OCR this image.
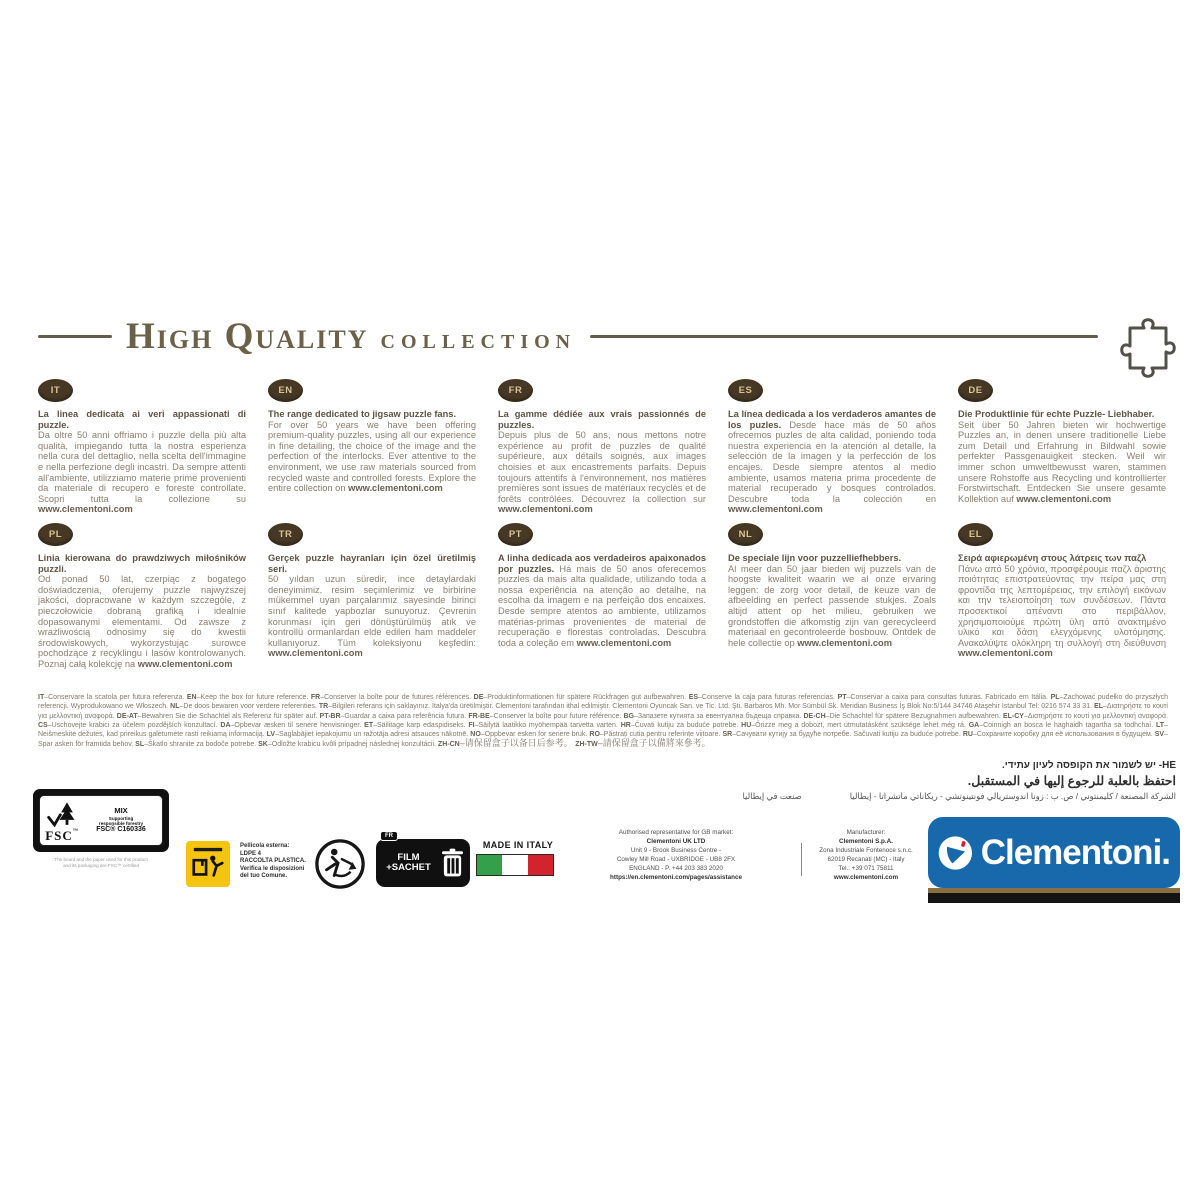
High Quality collection
IT

La linea dedicata ai veri appassionati di puzzle.
Da oltre 50 anni offriamo i puzzle della più alta qualità, impiegando tutta la nostra esperienza nella cura del dettaglio, nella scelta dell'immagine e nella perfezione degli incastri. Da sempre attenti all'ambiente, utilizziamo materie prime provenienti da materiale di recupero e foreste controllate. Scopri tutta la collezione su www.clementoni.com

EN

The range dedicated to jigsaw puzzle fans.
For over 50 years we have been offering premium-quality puzzles, using all our experience in fine detailing, the choice of the image and the perfection of the interlocks. Ever attentive to the environment, we use raw materials sourced from recycled waste and controlled forests. Explore the entire collection on www.clementoni.com

FR

La gamme dédiée aux vrais passionnés de puzzles.
Depuis plus de 50 ans, nous mettons notre expérience au profit de puzzles de qualité supérieure, aux détails soignés, aux images choisies et aux encastrements parfaits. Depuis toujours attentifs à l'environnement, nos matières premières sont issues de matériaux recyclés et de forêts contrôlées. Découvrez la collection sur www.clementoni.com

ES

La línea dedicada a los verdaderos amantes de los puzles. Desde hace más de 50 años ofrecemos puzles de alta calidad, poniendo toda nuestra experiencia en la atención al detalle, la selección de la imagen y la perfección de los encajes. Desde siempre atentos al medio ambiente, usamos materia prima procedente de material recuperado y bosques controlados. Descubre toda la colección en www.clementoni.com

DE

Die Produktlinie für echte Puzzle- Liebhaber.
Seit über 50 Jahren bieten wir hochwertige Puzzles an, in denen unsere traditionelle Liebe zum Detail und Erfahrung in Bildwahl sowie perfekter Passgenauigkeit stecken. Weil wir immer schon umweltbewusst waren, stammen unsere Rohstoffe aus Recycling und kontrollierter Forstwirtschaft. Entdecken Sie unsere gesamte Kollektion auf www.clementoni.com

PL

Linia kierowana do prawdziwych miłośników puzzli.
Od ponad 50 lat, czerpiąc z bogatego doświadczenia, oferujemy puzzle najwyższej jakości, dopracowane w każdym szczególe, z pieczołowicie dobraną grafiką i idealnie dopasowanymi elementami. Od zawsze z wrażliwością odnosimy się do kwestii środowiskowych, wykorzystując surowce pochodzące z recyklingu i lasów kontrolowanych. Poznaj całą kolekcję na www.clementoni.com

TR

Gerçek puzzle hayranları için özel üretilmiş seri.
50 yıldan uzun süredir, ince detaylardaki deneyimimiz, resim seçimlerimiz ve birbirine mükemmel uyan parçalarımız sayesinde birinci sınıf kalitede yapbozlar sunuyoruz. Çevrenin korunması için geri dönüştürülmüş atık ve kontrollü ormanlardan elde edilen ham maddeler kullanıyoruz. Tüm koleksiyonu keşfedin: www.clementoni.com

PT

A linha dedicada aos verdadeiros apaixonados por puzzles. Há mais de 50 anos oferecemos puzzles da mais alta qualidade, utilizando toda a nossa experiência na atenção ao detalhe, na escolha da imagem e na perfeição dos encaixes. Desde sempre atentos ao ambiente, utilizamos matérias-primas provenientes de material de recuperação e florestas controladas. Descubra toda a coleção em www.clementoni.com

NL

De speciale lijn voor puzzelliefhebbers.
Al meer dan 50 jaar bieden wij puzzels van de hoogste kwaliteit waarin we al onze ervaring leggen: de zorg voor detail, de keuze van de afbeelding en perfect passende stukjes. Zoals altijd attent op het milieu, gebruiken we grondstoffen die afkomstig zijn van gerecycleerd materiaal en gecontroleerde bosbouw. Ontdek de hele collectie op www.clementoni.com

EL

Σειρά αφιερωμένη στους λάτρεις των παζλ
Πάνω από 50 χρόνια, προσφέρουμε παζλ άριστης ποιότητας επιστρατεύοντας την πείρα μας στη φροντίδα της λεπτομέρειας, την επιλογή εικόνων και την τελειοποίηση των συνδέσεων. Πάντα προσεκτικοί απέναντι στο περιβάλλον, χρησιμοποιούμε πρώτη ύλη από ανακτημένο υλικό και δάση ελεγχόμενης υλοτόμησης. Ανακαλύψτε ολόκληρη τη συλλογή στη διεύθυνση www.clementoni.com

IT–Conservare la scatola per futura referenza. EN–Keep the box for future reference. FR–Conserver la boîte pour de futures références. DE–Produktinformationen für spätere Rückfragen gut aufbewahren. ES–Conserve la caja para futuras referencias. PT–Conservar a caixa para consultas futuras. Fabricado em Itália. PL–Zachować pudełko do przyszłych referencji. Wyprodukowano we Włoszech. NL–De doos bewaren voor verdere referenties. TR–Bilgileri referans için saklayınız. İtalya'da üretilmiştir. Clementoni tarafından ithal edilmiştir. Clementoni Oyuncak San. ve Tic. Ltd. Şti. Barbaros Mh. Mor Sümbül Sk. Meridian Business İş Blok No:5/144 34746 Ataşehir İstanbul Tel: 0216 574 33 31. EL–Διατηρήστε το κουτί για μελλοντική αναφορά. DE-AT–Bewahren Sie die Schachtel als Referenz für später auf. PT-BR–Guardar a caixa para referência futura. FR-BE–Conserver la boîte pour future référence. BG–Запазете кутията за евентуална бъдеща справка. DE-CH–Die Schachtel für spätere Bezugnahmen aufbewahren. EL-CY–Διατηρήστε το κουτί για μελλοντική αναφορά. CS–Uschovejte krabici za účelem pozdějších konzultací. DA–Opbevar æsken til senere henvisninger. ET–Säilitage karp edaspidiseks. FI–Säilytä laatikko myöhempää tarvetta varten. HR–Čuvati kutiju za buduće potrebe. HU–Őrizze meg a dobozt, mert útmutatásként szüksége lehet még rá. GA–Coinnigh an bosca le haghaidh tagartha sa todhchaí. LT–Neišmeskite dėžutės, kad prireikus galėtumėte rasti reikiamą informaciją. LV–Saglabājiet iepakojumu un ražotāja adresi atsauces nākotnē. NO–Oppbevar esken for senere bruk. RO–Păstrați cutia pentru referințe viitoare. SR–Сачувати кутију за будуће потребе. Sačuvati kutiju za buduće potrebe. RU–Сохраните коробку для её использования в будущем. SV–Spar asken för framtida behov. SL–Škatlo shranite za bodoče potrebe. SK–Odložte krabicu kvôli prípadnej následnej konzultácii. ZH-CN–请保留盒子以备日后参考。 ZH-TW–請保留盒子以備將來參考。

HE- יש לשמור את הקופסה לעיון עתידי.
احتفظ بالعلبة للرجوع إليها في المستقبل.
الشركة المصنعة / كليمنتوني / ص. ب : زونا اندوستريالي فونتينوتشي - ريكاناتي ماتشراتا - إيطاليا
صنعت في إيطاليا
FSC™
MIX
Supporting
responsible forestry
FSC® C160336
The board and the paper used for this product
and its packaging are FSC™ certified
Pellicola esterna:
LDPE 4
RACCOLTA PLASTICA.
Verifica le disposizioni
del tuo Comune.
FR
FILM
+SACHET
MADE IN ITALY
Authorised representative for GB market:
Clementoni UK LTD
Unit 9 - Brook Business Centre -
Cowley Mill Road - UXBRIDGE - UB8 2FX
ENGLAND - P. +44 203 383 2020
https://en.clementoni.com/pages/assistance
Manufacturer:
Clementoni S.p.A.
Zona Industriale Fontenoce s.n.c.
62019 Recanati (MC) - Italy
Tel.: +39 071 75811
www.clementoni.com
Clementoni.
